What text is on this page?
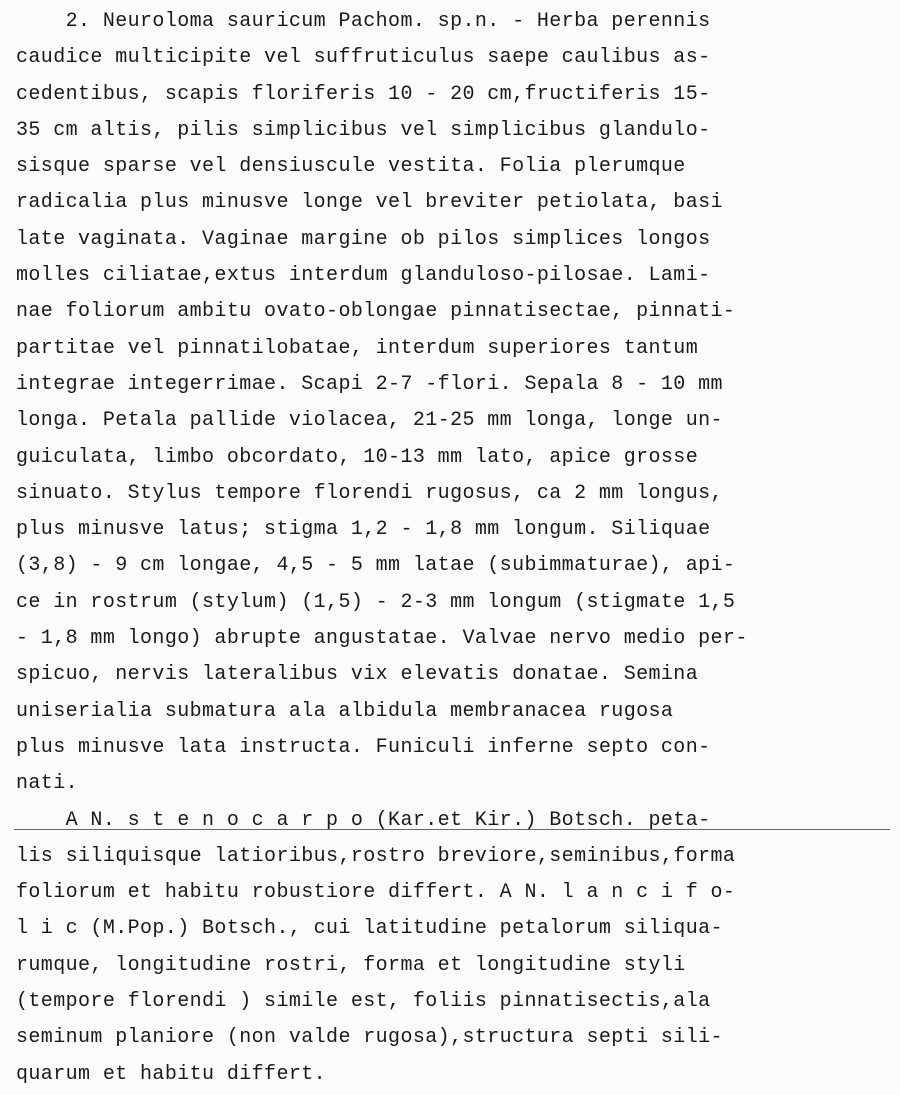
2. Neuroloma sauricum Pachom. sp.n. - Herba perennis
caudice multicipite vel suffruticulus saepe caulibus as-
cedentibus, scapis floriferis 10 - 20 cm,fructiferis 15-
35 cm altis, pilis simplicibus vel simplicibus glandulo-
sisque sparse vel densiuscule vestita. Folia plerumque
radicalia plus minusve longe vel breviter petiolata, basi
late vaginata. Vaginae margine ob pilos simplices longos
molles ciliatae,extus interdum glanduloso-pilosae. Lami-
nae foliorum ambitu ovato-oblongae pinnatisectae, pinnati-
partitae vel pinnatilobatae, interdum superiores tantum
integrae integerrimae. Scapi 2-7 -flori. Sepala 8 - 10 mm
longa. Petala pallide violacea, 21-25 mm longa, longe un-
guiculata, limbo obcordato, 10-13 mm lato, apice grosse
sinuato. Stylus tempore florendi rugosus, ca 2 mm longus,
plus minusve latus; stigma 1,2 - 1,8 mm longum. Siliquae
(3,8) - 9 cm longae, 4,5 - 5 mm latae (subimmaturae), api-
ce in rostrum (stylum) (1,5) - 2-3 mm longum (stigmate 1,5
- 1,8 mm longo) abrupte angustatae. Valvae nervo medio per-
spicuo, nervis lateralibus vix elevatis donatae. Semina
uniserialia submatura ala albidula membranacea rugosa
plus minusve lata instructa. Funiculi inferne septo con-
nati.
A N. s t e n o c a r p o (Kar.et Kir.) Botsch. peta-
lis siliquisque latioribus,rostro breviore,seminibus,forma
foliorum et habitu robustiore differt. A N. l a n c i f o-
l i c (M.Pop.) Botsch., cui latitudine petalorum siliqua-
rumque, longitudine rostri, forma et longitudine styli
(tempore florendi ) simile est, foliis pinnatisectis,ala
seminum planiore (non valde rugosa),structura septi sili-
quarum et habitu differt.
